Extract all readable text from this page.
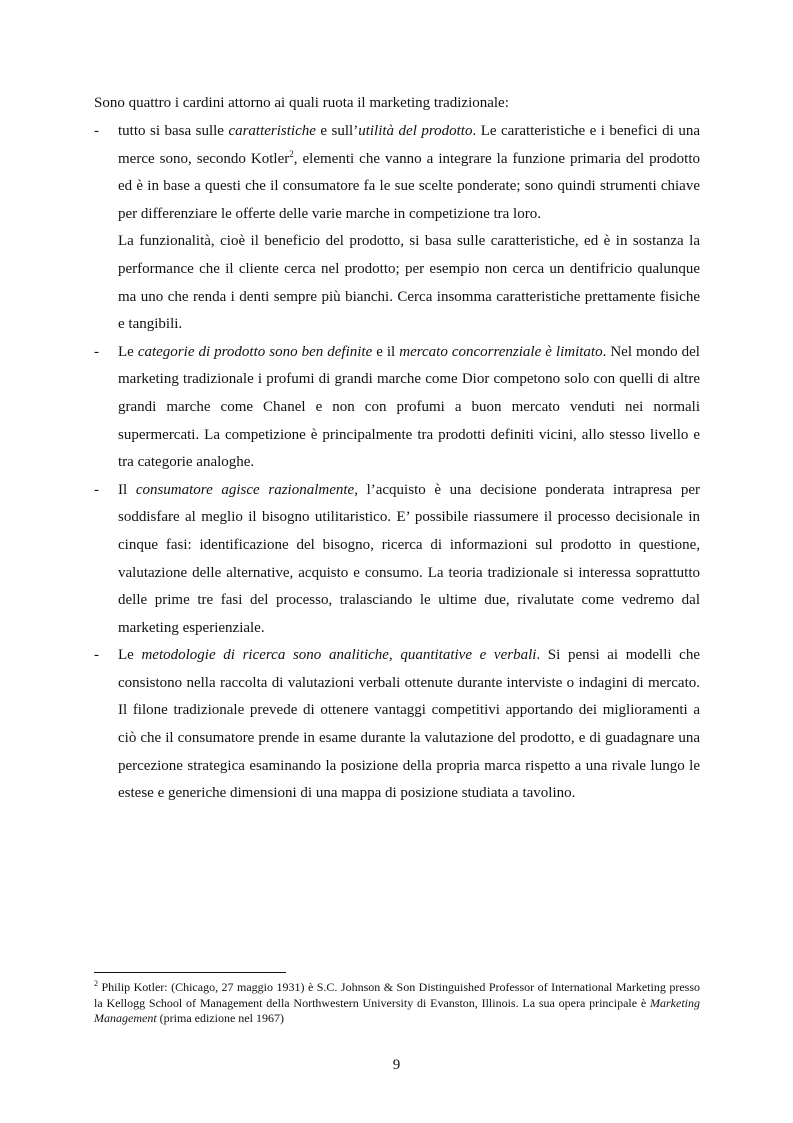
Sono quattro i cardini attorno ai quali ruota il marketing tradizionale:

- tutto si basa sulle caratteristiche e sull’utilità del prodotto. Le caratteristiche e i benefici di una merce sono, secondo Kotler$^2$, elementi che vanno a integrare la funzione primaria del prodotto ed è in base a questi che il consumatore fa le sue scelte ponderate; sono quindi strumenti chiave per differenziare le offerte delle varie marche in competizione tra loro.

La funzionalità, cioè il beneficio del prodotto, si basa sulle caratteristiche, ed è in sostanza la performance che il cliente cerca nel prodotto; per esempio non cerca un dentifricio qualunque ma uno che renda i denti sempre più bianchi. Cerca insomma caratteristiche prettamente fisiche e tangibili.

- Le categorie di prodotto sono ben definite e il mercato concorrenziale è limitato. Nel mondo del marketing tradizionale i profumi di grandi marche come Dior competono solo con quelli di altre grandi marche come Chanel e non con profumi a buon mercato venduti nei normali supermercati. La competizione è principalmente tra prodotti definiti vicini, allo stesso livello e tra categorie analoghe.

- Il consumatore agisce razionalmente, l’acquisto è una decisione ponderata intrapresa per soddisfare al meglio il bisogno utilitaristico. E’ possibile riassumere il processo decisionale in cinque fasi: identificazione del bisogno, ricerca di informazioni sul prodotto in questione, valutazione delle alternative, acquisto e consumo. La teoria tradizionale si interessa soprattutto delle prime tre fasi del processo, tralasciando le ultime due, rivalutate come vedremo dal marketing esperienziale.

- Le metodologie di ricerca sono analitiche, quantitative e verbali. Si pensi ai modelli che consistono nella raccolta di valutazioni verbali ottenute durante interviste o indagini di mercato. Il filone tradizionale prevede di ottenere vantaggi competitivi apportando dei miglioramenti a ciò che il consumatore prende in esame durante la valutazione del prodotto, e di guadagnare una percezione strategica esaminando la posizione della propria marca rispetto a una rivale lungo le estese e generiche dimensioni di una mappa di posizione studiata a tavolino.

$^2$ Philip Kotler: (Chicago, 27 maggio 1931) è S.C. Johnson & Son Distinguished Professor of International Marketing presso la Kellogg School of Management della Northwestern University di Evanston, Illinois. La sua opera principale è Marketing Management (prima edizione nel 1967)

9
